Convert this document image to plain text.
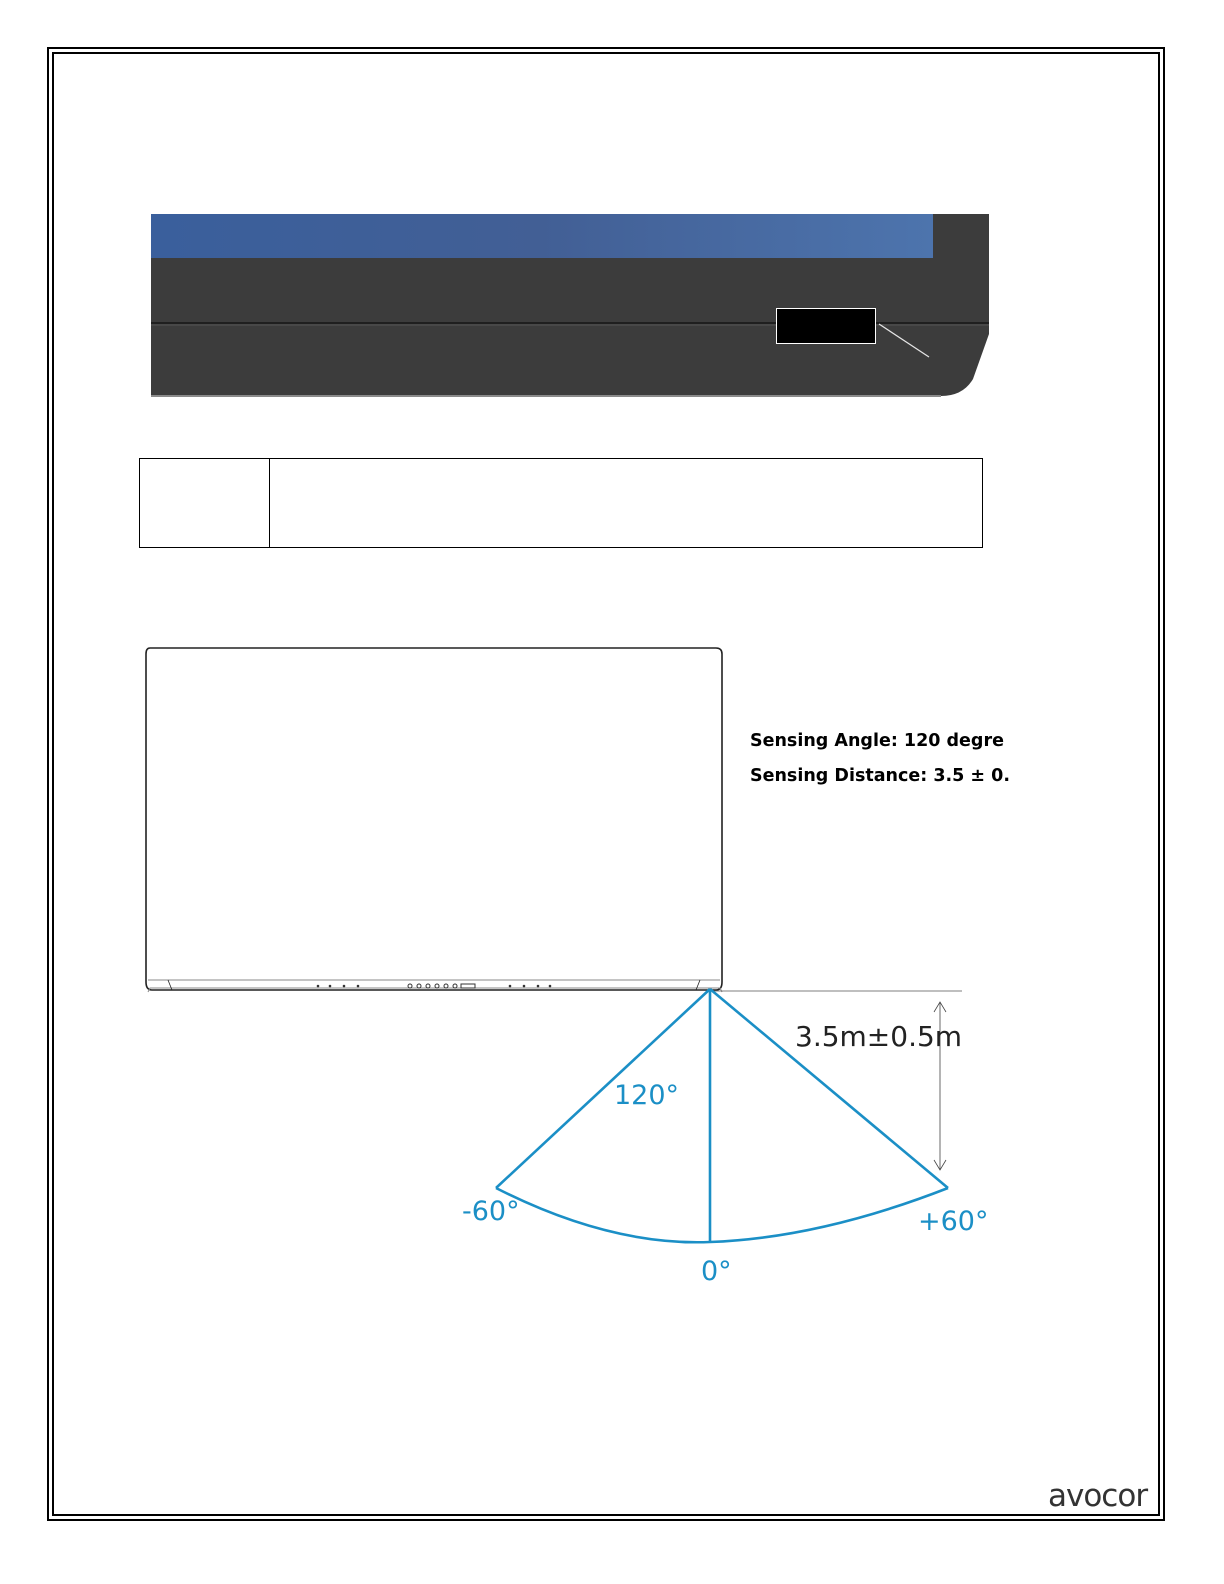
Sensing Angle: 120 degre
Sensing Distance: 3.5 ± 0.
3.5m±0.5m
120°
-60°
0°
+60°
avocor
